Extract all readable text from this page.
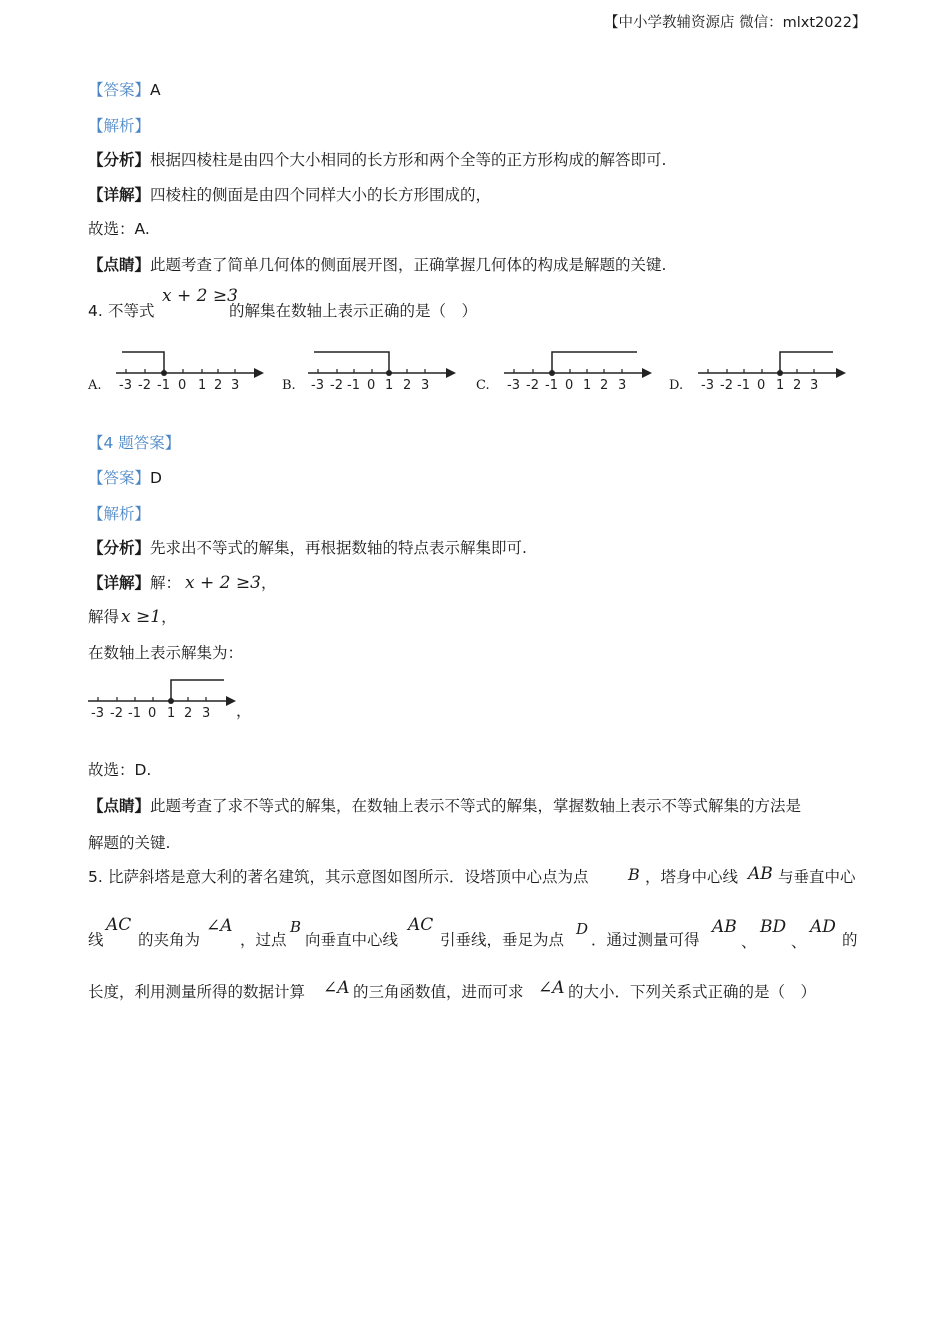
【中小学教辅资源店 微信：mlxt2022】
【答案】A
【解析】
【分析】根据四棱柱是由四个大小相同的长方形和两个全等的正方形构成的解答即可.
【详解】四棱柱的侧面是由四个同样大小的长方形围成的，
故选：A.
【点睛】此题考查了简单几何体的侧面展开图，正确掌握几何体的构成是解题的关键.
4. 不等式
x + 2 ≥3
的解集在数轴上表示正确的是（　）
A. -3 -2 -1 0 1 2 3	B. -3 -2 -1 0 1 2 3	C. -3 -2 -1 0 1 2 3	D. -3 -2 -1 0 1 2 3
【4 题答案】
【答案】D
【解析】
【分析】先求出不等式的解集，再根据数轴的特点表示解集即可.
【详解】解： x + 2 ≥3，
解得 x ≥1，
在数轴上表示解集为：
-3 -2 -1 0 1 2 3 ，
故选：D.
【点睛】此题考查了求不等式的解集，在数轴上表示不等式的解集，掌握数轴上表示不等式解集的方法是
解题的关键.
5. 比萨斜塔是意大利的著名建筑，其示意图如图所示．设塔顶中心点为点 B ，塔身中心线 AB 与垂直中心
线
AC
的夹角为
∠A
，过点
B
向垂直中心线
AC
引垂线，垂足为点
D
．通过测量可得
AB
、
BD
、
AD
的
长度，利用测量所得的数据计算 ∠A 的三角函数值，进而可求 ∠A 的大小．下列关系式正确的是（　）
